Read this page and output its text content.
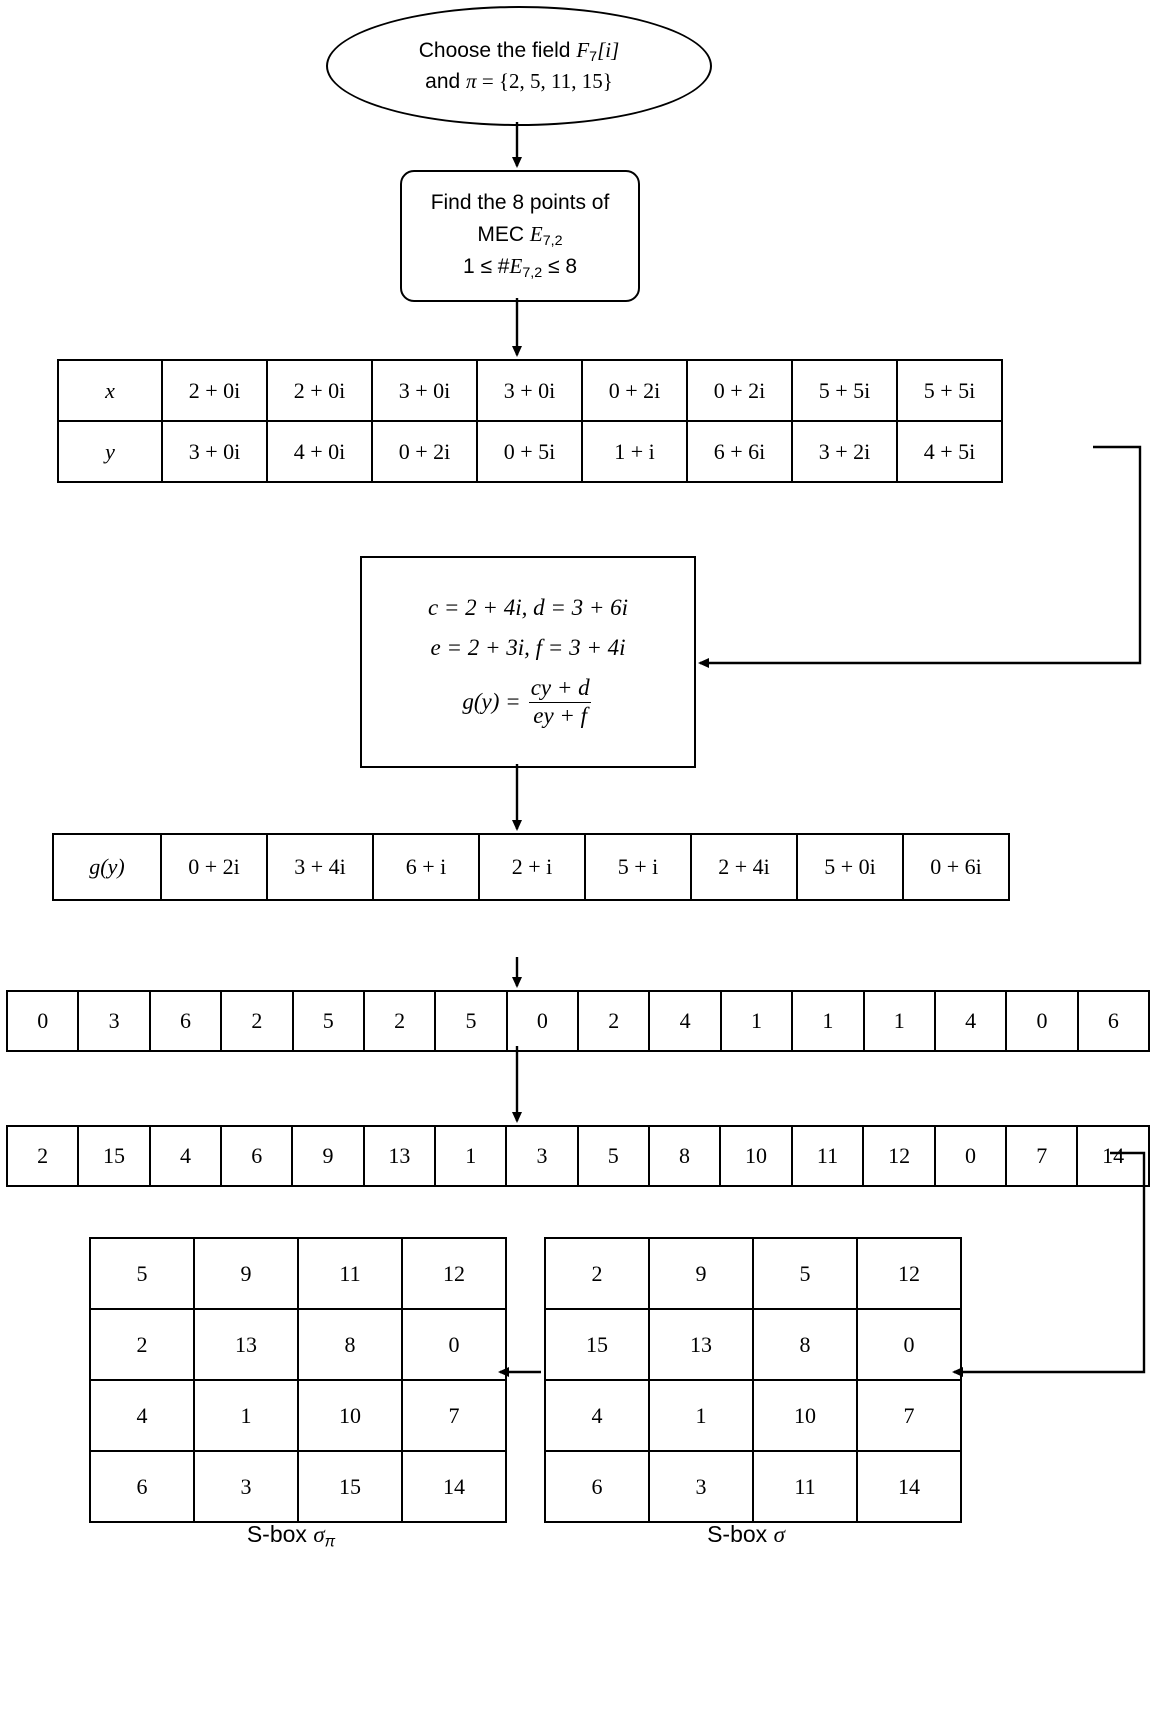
Choose the field F7[i]
and π = {2, 5, 11, 15}
Find the 8 points of
MEC E7,2
1 ≤ #E7,2 ≤ 8
x	2 + 0i	2 + 0i	3 + 0i	3 + 0i	0 + 2i	0 + 2i	5 + 5i	5 + 5i
y	3 + 0i	4 + 0i	0 + 2i	0 + 5i	1 + i	6 + 6i	3 + 2i	4 + 5i
c = 2 + 4i, d = 3 + 6i
e = 2 + 3i, f = 3 + 4i
$g(y) = \frac{cy + d}{ey + f}$
g(y)	0 + 2i	3 + 4i	6 + i	2 + i	5 + i	2 + 4i	5 + 0i	0 + 6i
0	3	6	2	5	2	5	0	2	4	1	1	1	4	0	6
2	15	4	6	9	13	1	3	5	8	10	11	12	0	7	14
5	9	11	12
2	13	8	0
4	1	10	7
6	3	15	14
S-box $\sigma_\pi$
2	9	5	12
15	13	8	0
4	1	10	7
6	3	11	14
S-box σ
